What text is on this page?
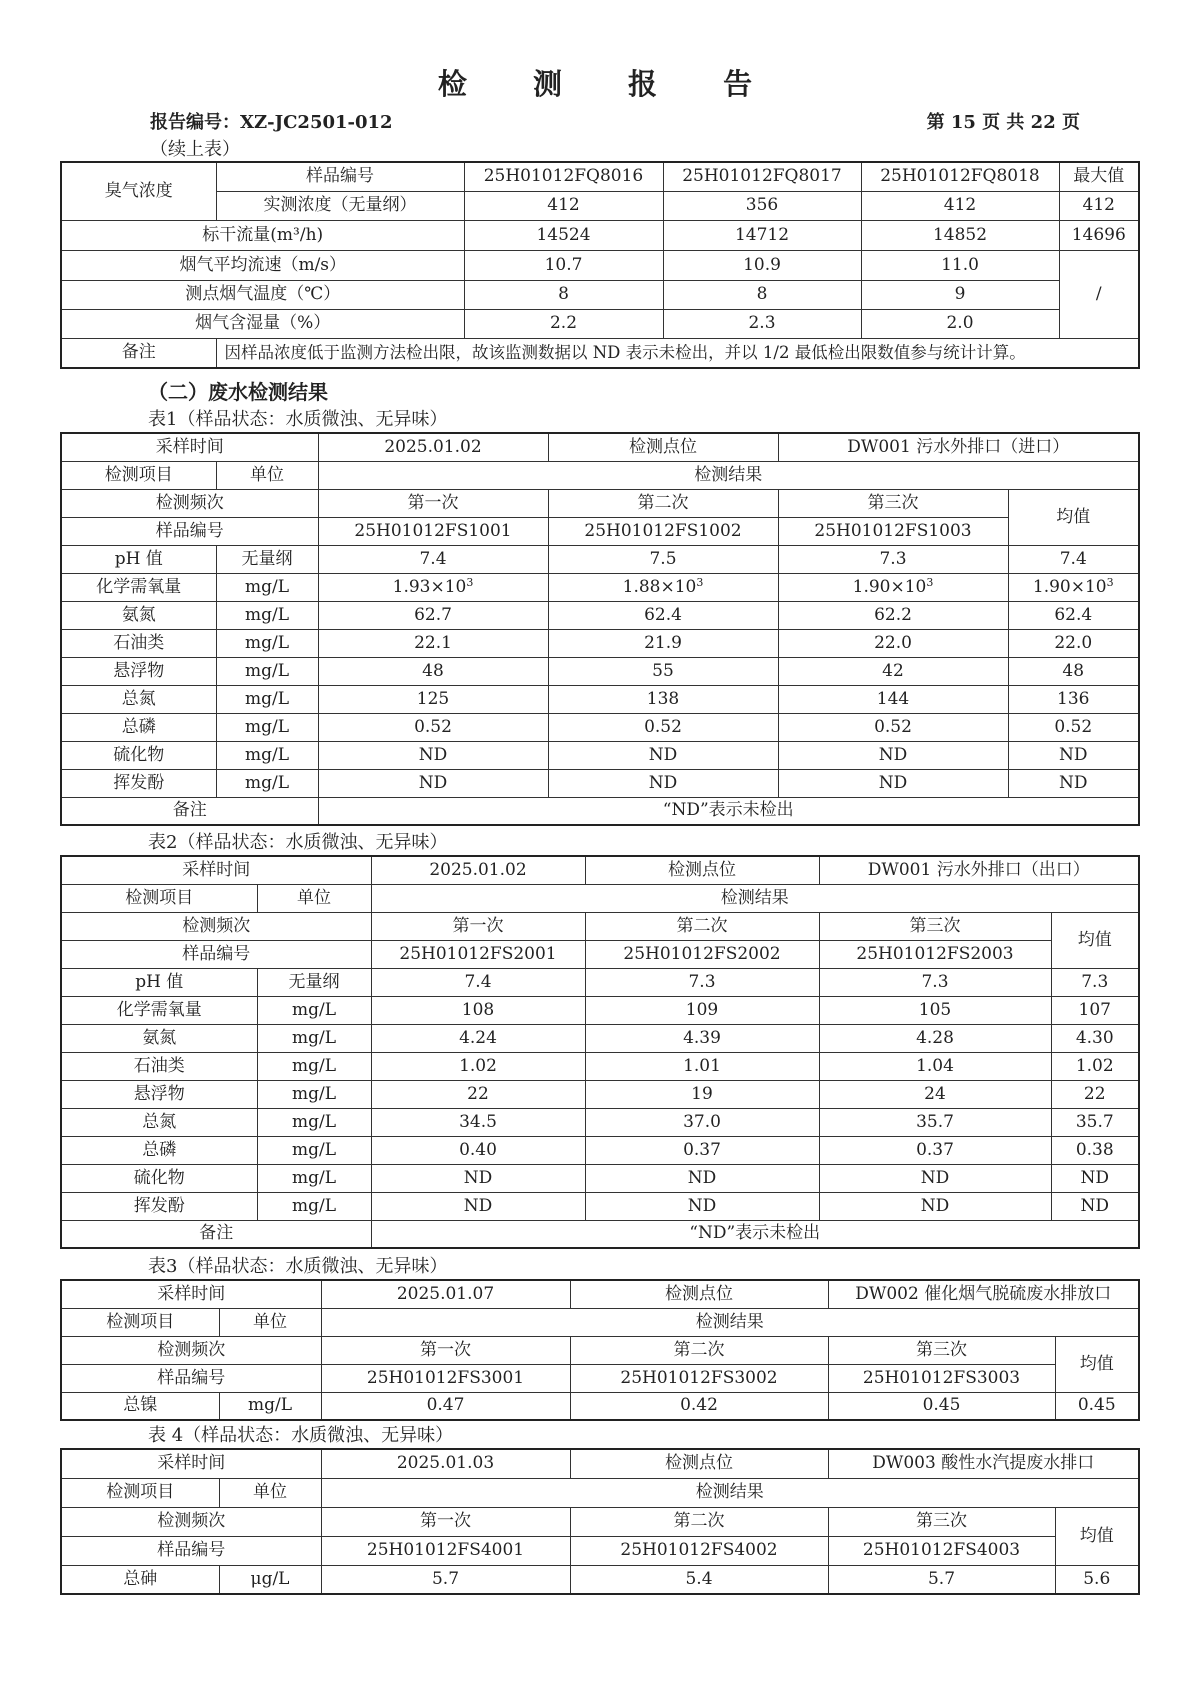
检 测 报 告
报告编号：XZ-JC2501-012	第 15 页 共 22 页
（续上表）
臭气浓度	样品编号	25H01012FQ8016	25H01012FQ8017	25H01012FQ8018	最大值
	实测浓度（无量纲）	412	356	412	412
标干流量(m³/h)		14524	14712	14852	14696
烟气平均流速（m/s）		10.7	10.9	11.0	/
测点烟气温度（℃）		8	8	9	
烟气含湿量（%）		2.2	2.3	2.0	
备注	因样品浓度低于监测方法检出限，故该监测数据以 ND 表示未检出，并以 1/2 最低检出限数值参与统计计算。				
（二）废水检测结果
表1（样品状态：水质微浊、无异味）
采样时间		2025.01.02	检测点位	DW001 污水外排口（进口）	
检测项目	单位	检测结果			
检测频次		第一次	第二次	第三次	均值
样品编号		25H01012FS1001	25H01012FS1002	25H01012FS1003	
pH 值	无量纲	7.4	7.5	7.3	7.4
化学需氧量	mg/L	$1.93\times 10^3$	$1.88\times 10^3$	$1.90\times 10^3$	$1.90\times 10^3$
氨氮	mg/L	62.7	62.4	62.2	62.4
石油类	mg/L	22.1	21.9	22.0	22.0
悬浮物	mg/L	48	55	42	48
总氮	mg/L	125	138	144	136
总磷	mg/L	0.52	0.52	0.52	0.52
硫化物	mg/L	ND	ND	ND	ND
挥发酚	mg/L	ND	ND	ND	ND
备注		“ND”表示未检出			
表2（样品状态：水质微浊、无异味）
采样时间		2025.01.02	检测点位	DW001 污水外排口（出口）	
检测项目	单位	检测结果			
检测频次		第一次	第二次	第三次	均值
样品编号		25H01012FS2001	25H01012FS2002	25H01012FS2003	
pH 值	无量纲	7.4	7.3	7.3	7.3
化学需氧量	mg/L	108	109	105	107
氨氮	mg/L	4.24	4.39	4.28	4.30
石油类	mg/L	1.02	1.01	1.04	1.02
悬浮物	mg/L	22	19	24	22
总氮	mg/L	34.5	37.0	35.7	35.7
总磷	mg/L	0.40	0.37	0.37	0.38
硫化物	mg/L	ND	ND	ND	ND
挥发酚	mg/L	ND	ND	ND	ND
备注		“ND”表示未检出			
表3（样品状态：水质微浊、无异味）
采样时间		2025.01.07	检测点位	DW002 催化烟气脱硫废水排放口	
检测项目	单位	检测结果			
检测频次		第一次	第二次	第三次	均值
样品编号		25H01012FS3001	25H01012FS3002	25H01012FS3003	
总镍	mg/L	0.47	0.42	0.45	0.45
表 4（样品状态：水质微浊、无异味）
采样时间		2025.01.03	检测点位	DW003 酸性水汽提废水排口	
检测项目	单位	检测结果			
检测频次		第一次	第二次	第三次	均值
样品编号		25H01012FS4001	25H01012FS4002	25H01012FS4003	
总砷	μg/L	5.7	5.4	5.7	5.6
